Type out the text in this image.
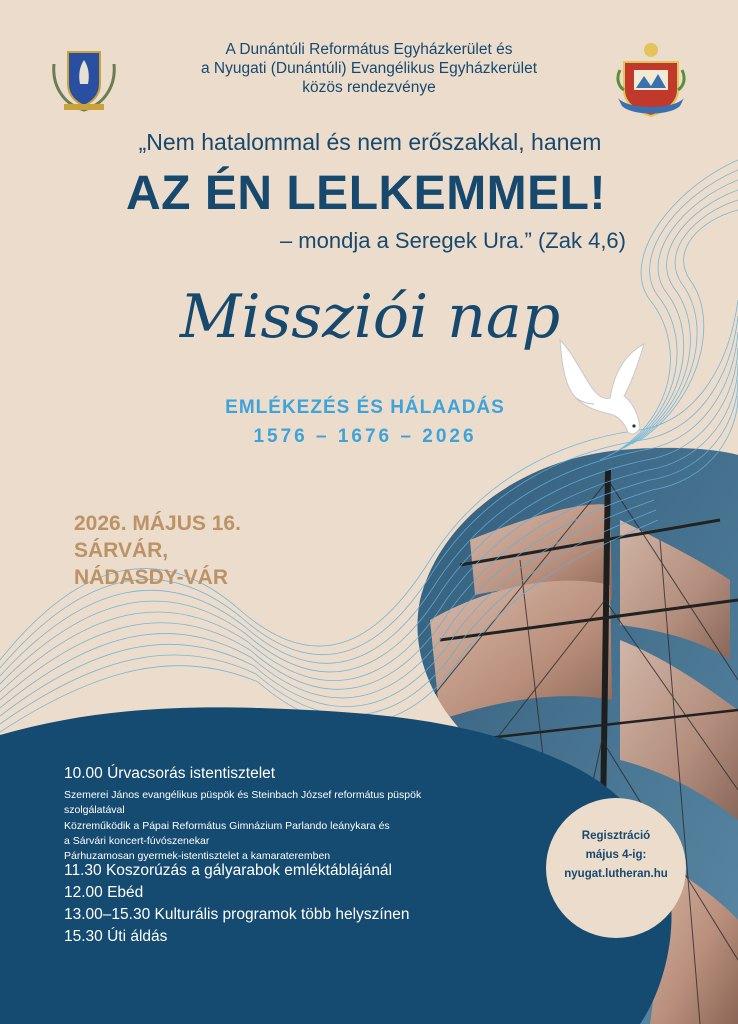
A Dunántúli Református Egyházkerület és
a Nyugati (Dunántúli) Evangélikus Egyházkerület
közös rendezvénye
„Nem hatalommal és nem erőszakkal, hanem
AZ ÉN LELKEMMEL!
– mondja a Seregek Ura.” (Zak 4,6)
Missziói nap
EMLÉKEZÉS ÉS HÁLAADÁS
1576 – 1676 – 2026
2026. MÁJUS 16.
SÁRVÁR,
NÁDASDY-VÁR
10.00 Úrvacsorás istentisztelet
Szemerei János evangélikus püspök és Steinbach József református püspök
szolgálatával
Közreműködik a Pápai Református Gimnázium Parlando leánykara és
a Sárvári koncert-fúvószenekar
Párhuzamosan gyermek-istentisztelet a kamarateremben
11.30 Koszorúzás a gályarabok emléktáblájánál
12.00 Ebéd
13.00–15.30 Kulturális programok több helyszínen
15.30 Úti áldás
Regisztráció
május 4-ig:
nyugat.lutheran.hu
